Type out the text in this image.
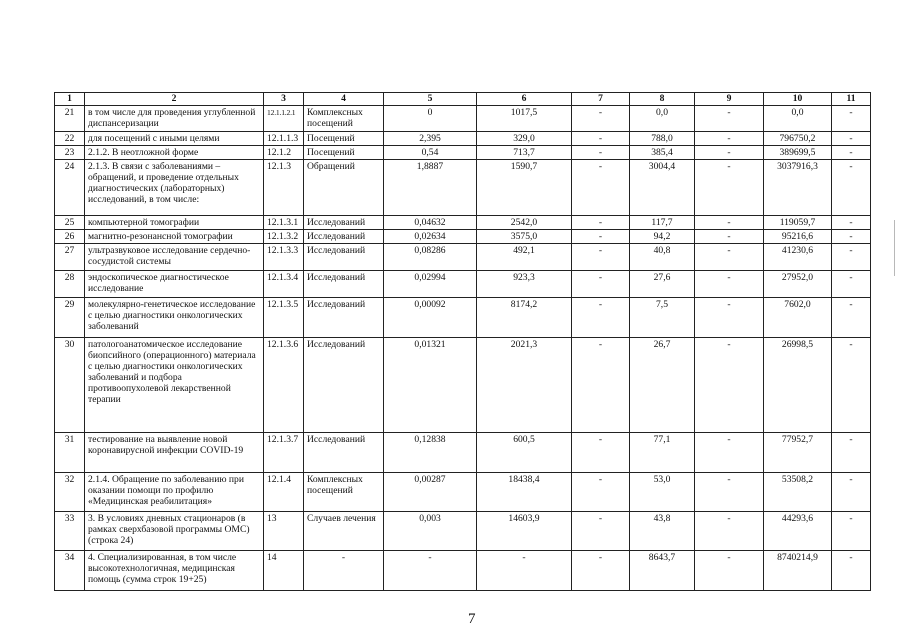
1	2	3	4	5	6	7	8	9	10	11
21	в том числе для проведения углубленной диспансеризации	12.1.1.2.1	Комплексных посещений	0	1017,5	-	0,0	-	0,0	-
22	для посещений с иными целями	12.1.1.3	Посещений	2,395	329,0	-	788,0	-	796750,2	-
23	2.1.2. В неотложной форме	12.1.2	Посещений	0,54	713,7	-	385,4	-	389699,5	-
24	2.1.3. В связи с заболеваниями – обращений, и проведение отдельных диагностических (лабораторных) исследований, в том числе:	12.1.3	Обращений	1,8887	1590,7	-	3004,4	-	3037916,3	-
25	компьютерной томографии	12.1.3.1	Исследований	0,04632	2542,0	-	117,7	-	119059,7	-
26	магнитно-резонансной томографии	12.1.3.2	Исследований	0,02634	3575,0	-	94,2	-	95216,6	-
27	ультразвуковое исследование сердечно-сосудистой системы	12.1.3.3	Исследований	0,08286	492,1	-	40,8	-	41230,6	-
28	эндоскопическое диагностическое исследование	12.1.3.4	Исследований	0,02994	923,3	-	27,6	-	27952,0	-
29	молекулярно-генетическое исследование с целью диагностики онкологических заболеваний	12.1.3.5	Исследований	0,00092	8174,2	-	7,5	-	7602,0	-
30	патологоанатомическое исследование биопсийного (операционного) материала с целью диагностики онкологических заболеваний и подбора противоопухолевой лекарственной терапии	12.1.3.6	Исследований	0,01321	2021,3	-	26,7	-	26998,5	-
31	тестирование на выявление новой коронавирусной инфекции COVID-19	12.1.3.7	Исследований	0,12838	600,5	-	77,1	-	77952,7	-
32	2.1.4. Обращение по заболеванию при оказании помощи по профилю «Медицинская реабилитация»	12.1.4	Комплексных посещений	0,00287	18438,4	-	53,0	-	53508,2	-
33	3. В условиях дневных стационаров (в рамках сверхбазовой программы ОМС) (строка 24)	13	Случаев лечения	0,003	14603,9	-	43,8	-	44293,6	-
34	4. Специализированная, в том числе высокотехнологичная, медицинская помощь (сумма строк 19+25)	14	-	-	-	-	8643,7	-	8740214,9	-
7
